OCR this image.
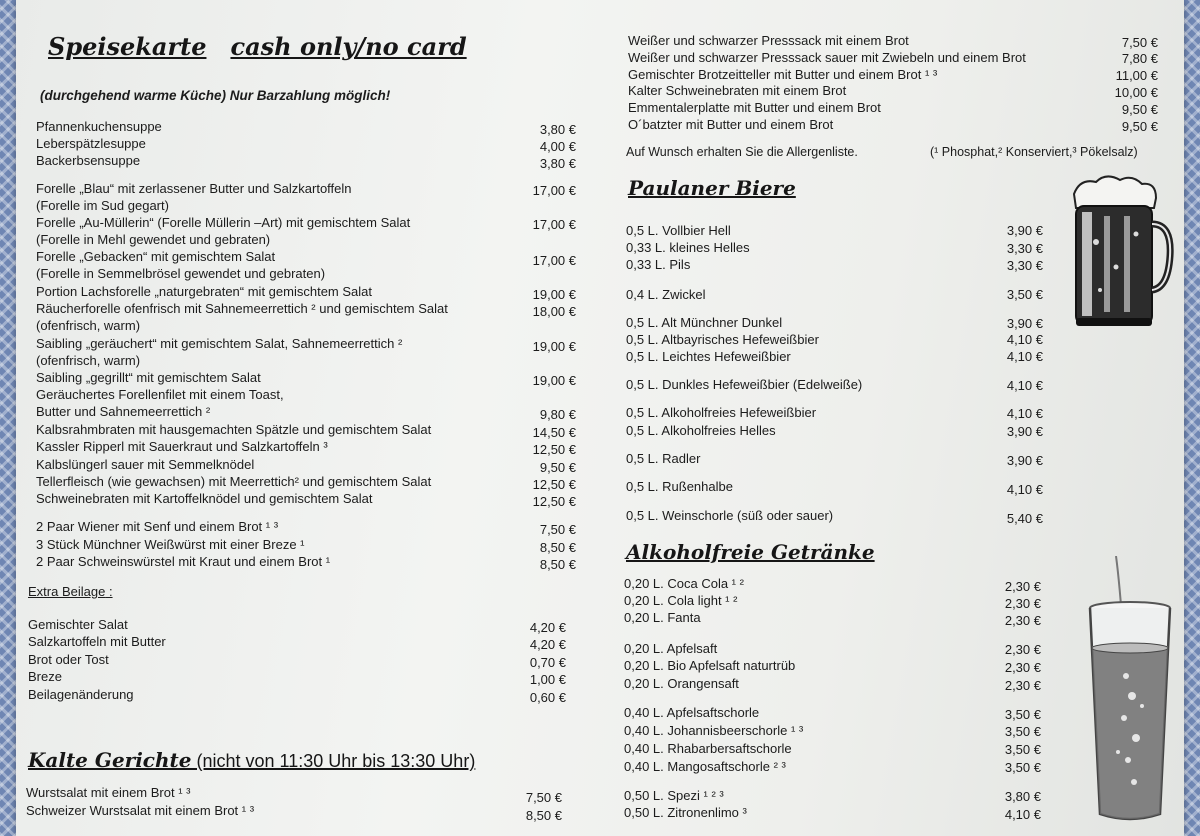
Speisekarte cash only/no card
(durchgehend warme Küche) Nur Barzahlung möglich!
Pfannenkuchensuppe	3,80 €
Leberspätzlesuppe	4,00 €
Backerbsensuppe	3,80 €
Forelle „Blau“ mit zerlassener Butter und Salzkartoffeln	17,00 €
(Forelle im Sud gegart)
Forelle „Au-Müllerin“ (Forelle Müllerin –Art) mit gemischtem Salat	17,00 €
(Forelle in Mehl gewendet und gebraten)
Forelle „Gebacken“ mit gemischtem Salat	17,00 €
(Forelle in Semmelbrösel gewendet und gebraten)
Portion Lachsforelle „naturgebraten“ mit gemischtem Salat	19,00 €
Räucherforelle ofenfrisch mit Sahnemeerrettich ² und gemischtem Salat	18,00 €
(ofenfrisch, warm)
Saibling „geräuchert“ mit gemischtem Salat, Sahnemeerrettich ²	19,00 €
(ofenfrisch, warm)
Saibling „gegrillt“ mit gemischtem Salat	19,00 €
Geräuchertes Forellenfilet mit einem Toast,
Butter und Sahnemeerrettich ²	9,80 €
Kalbsrahmbraten mit hausgemachten Spätzle und gemischtem Salat	14,50 €
Kassler Ripperl mit Sauerkraut und Salzkartoffeln ³	12,50 €
Kalbslüngerl sauer mit Semmelknödel	9,50 €
Tellerfleisch (wie gewachsen) mit Meerrettich² und gemischtem Salat	12,50 €
Schweinebraten mit Kartoffelknödel und gemischtem Salat	12,50 €
2 Paar Wiener mit Senf und einem Brot ¹ ³	7,50 €
3 Stück Münchner Weißwürst mit einer Breze ¹	8,50 €
2 Paar Schweinswürstel mit Kraut und einem Brot ¹	8,50 €
Extra Beilage :
Gemischter Salat	4,20 €
Salzkartoffeln mit Butter	4,20 €
Brot oder Tost	0,70 €
Breze	1,00 €
Beilagenänderung	0,60 €
Kalte Gerichte (nicht von 11:30 Uhr bis 13:30 Uhr)
Wurstsalat mit einem Brot ¹ ³	7,50 €
Schweizer Wurstsalat mit einem Brot ¹ ³	8,50 €
Weißer und schwarzer Presssack mit einem Brot	7,50 €
Weißer und schwarzer Presssack sauer mit Zwiebeln und einem Brot	7,80 €
Gemischter Brotzeitteller mit Butter und einem Brot ¹ ³	11,00 €
Kalter Schweinebraten mit einem Brot	10,00 €
Emmentalerplatte mit Butter und einem Brot	9,50 €
O´batzter mit Butter und einem Brot	9,50 €
Auf Wunsch erhalten Sie die Allergenliste.	(¹ Phosphat,² Konserviert,³ Pökelsalz)
Paulaner Biere
0,5 L. Vollbier Hell	3,90 €
0,33 L. kleines Helles	3,30 €
0,33 L. Pils	3,30 €
0,4 L. Zwickel	3,50 €
0,5 L. Alt Münchner Dunkel	3,90 €
0,5 L. Altbayrisches Hefeweißbier	4,10 €
0,5 L. Leichtes Hefeweißbier	4,10 €
0,5 L. Dunkles Hefeweißbier (Edelweiße)	4,10 €
0,5 L. Alkoholfreies Hefeweißbier	4,10 €
0,5 L. Alkoholfreies Helles	3,90 €
0,5 L. Radler	3,90 €
0,5 L. Rußenhalbe	4,10 €
0,5 L. Weinschorle (süß oder sauer)	5,40 €
Alkoholfreie Getränke
0,20 L. Coca Cola ¹ ²	2,30 €
0,20 L. Cola light ¹ ²	2,30 €
0,20 L. Fanta	2,30 €
0,20 L. Apfelsaft	2,30 €
0,20 L. Bio Apfelsaft naturtrüb	2,30 €
0,20 L. Orangensaft	2,30 €
0,40 L. Apfelsaftschorle	3,50 €
0,40 L. Johannisbeerschorle ¹ ³	3,50 €
0,40 L. Rhabarbersaftschorle	3,50 €
0,40 L. Mangosaftschorle ² ³	3,50 €
0,50 L. Spezi ¹ ² ³	3,80 €
0,50 L. Zitronenlimo ³	4,10 €
